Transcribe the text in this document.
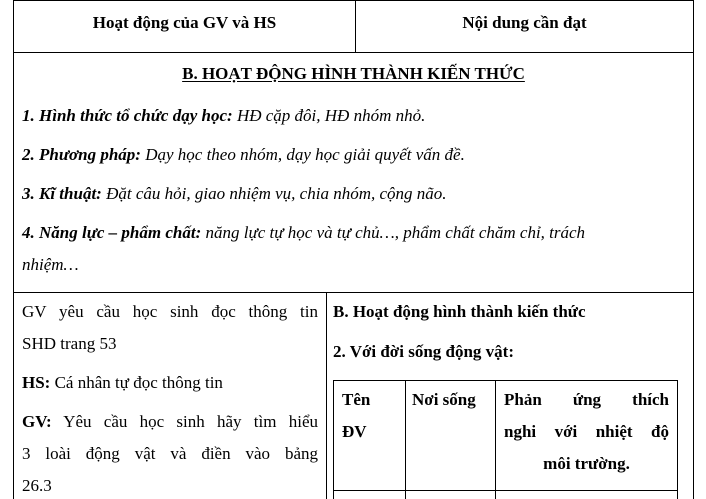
Hoạt động của GV và HS	Nội dung cần đạt
B. HOẠT ĐỘNG HÌNH THÀNH KIẾN THỨC
1. Hình thức tổ chức dạy học: HĐ cặp đôi, HĐ nhóm nhỏ.
2. Phương pháp: Dạy học theo nhóm, dạy học giải quyết vấn đề.
3. Kĩ thuật: Đặt câu hỏi, giao nhiệm vụ, chia nhóm, cộng não.
4. Năng lực – phẩm chất: năng lực tự học và tự chủ…, phẩm chất chăm chỉ, trách
nhiệm…
GV yêu cầu học sinh đọc thông tin
SHD trang 53
HS: Cá nhân tự đọc thông tin
GV: Yêu cầu học sinh hãy tìm hiểu
3 loài động vật và điền vào bảng
26.3
B. Hoạt động hình thành kiến thức
2. Với đời sống động vật:
Tên
ĐV
Nơi sống Phản ứng thích
nghi với nhiệt độ
môi trường.
